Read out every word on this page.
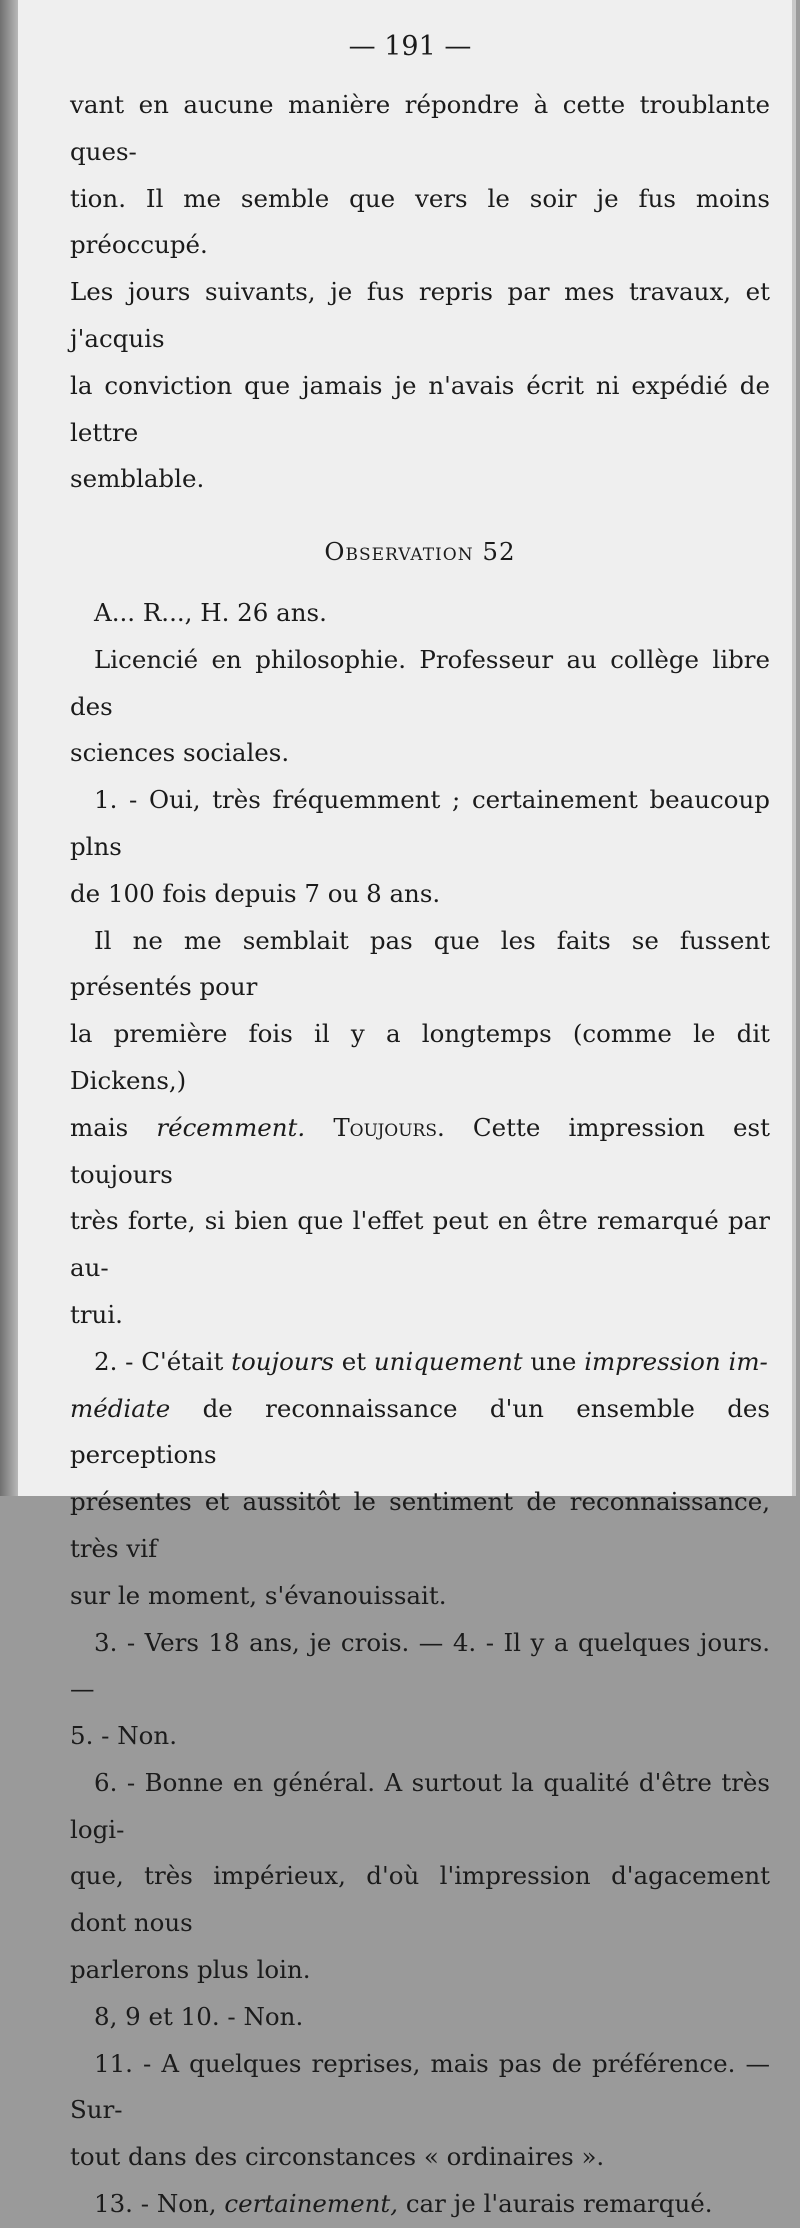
— 191 —

vant en aucune manière répondre à cette troublante ques-
tion. Il me semble que vers le soir je fus moins préoccupé.
Les jours suivants, je fus repris par mes travaux, et j'acquis
la conviction que jamais je n'avais écrit ni expédié de lettre
semblable.

Observation 52

A... R..., H. 26 ans.

Licencié en philosophie. Professeur au collège libre des
sciences sociales.

1. - Oui, très fréquemment ; certainement beaucoup plns
de 100 fois depuis 7 ou 8 ans.

Il ne me semblait pas que les faits se fussent présentés pour
la première fois il y a longtemps (comme le dit Dickens,)
mais récemment. Toujours. Cette impression est toujours
très forte, si bien que l'effet peut en être remarqué par au-
trui.

2. - C'était toujours et uniquement une impression im-
médiate de reconnaissance d'un ensemble des perceptions
présentes et aussitôt le sentiment de reconnaissance, très vif
sur le moment, s'évanouissait.

3. - Vers 18 ans, je crois. — 4. - Il y a quelques jours. —
5. - Non.

6. - Bonne en général. A surtout la qualité d'être très logi-
que, très impérieux, d'où l'impression d'agacement dont nous
parlerons plus loin.

8, 9 et 10. - Non.

11. - A quelques reprises, mais pas de préférence. — Sur-
tout dans des circonstances « ordinaires ».

13. - Non, certainement, car je l'aurais remarqué.
